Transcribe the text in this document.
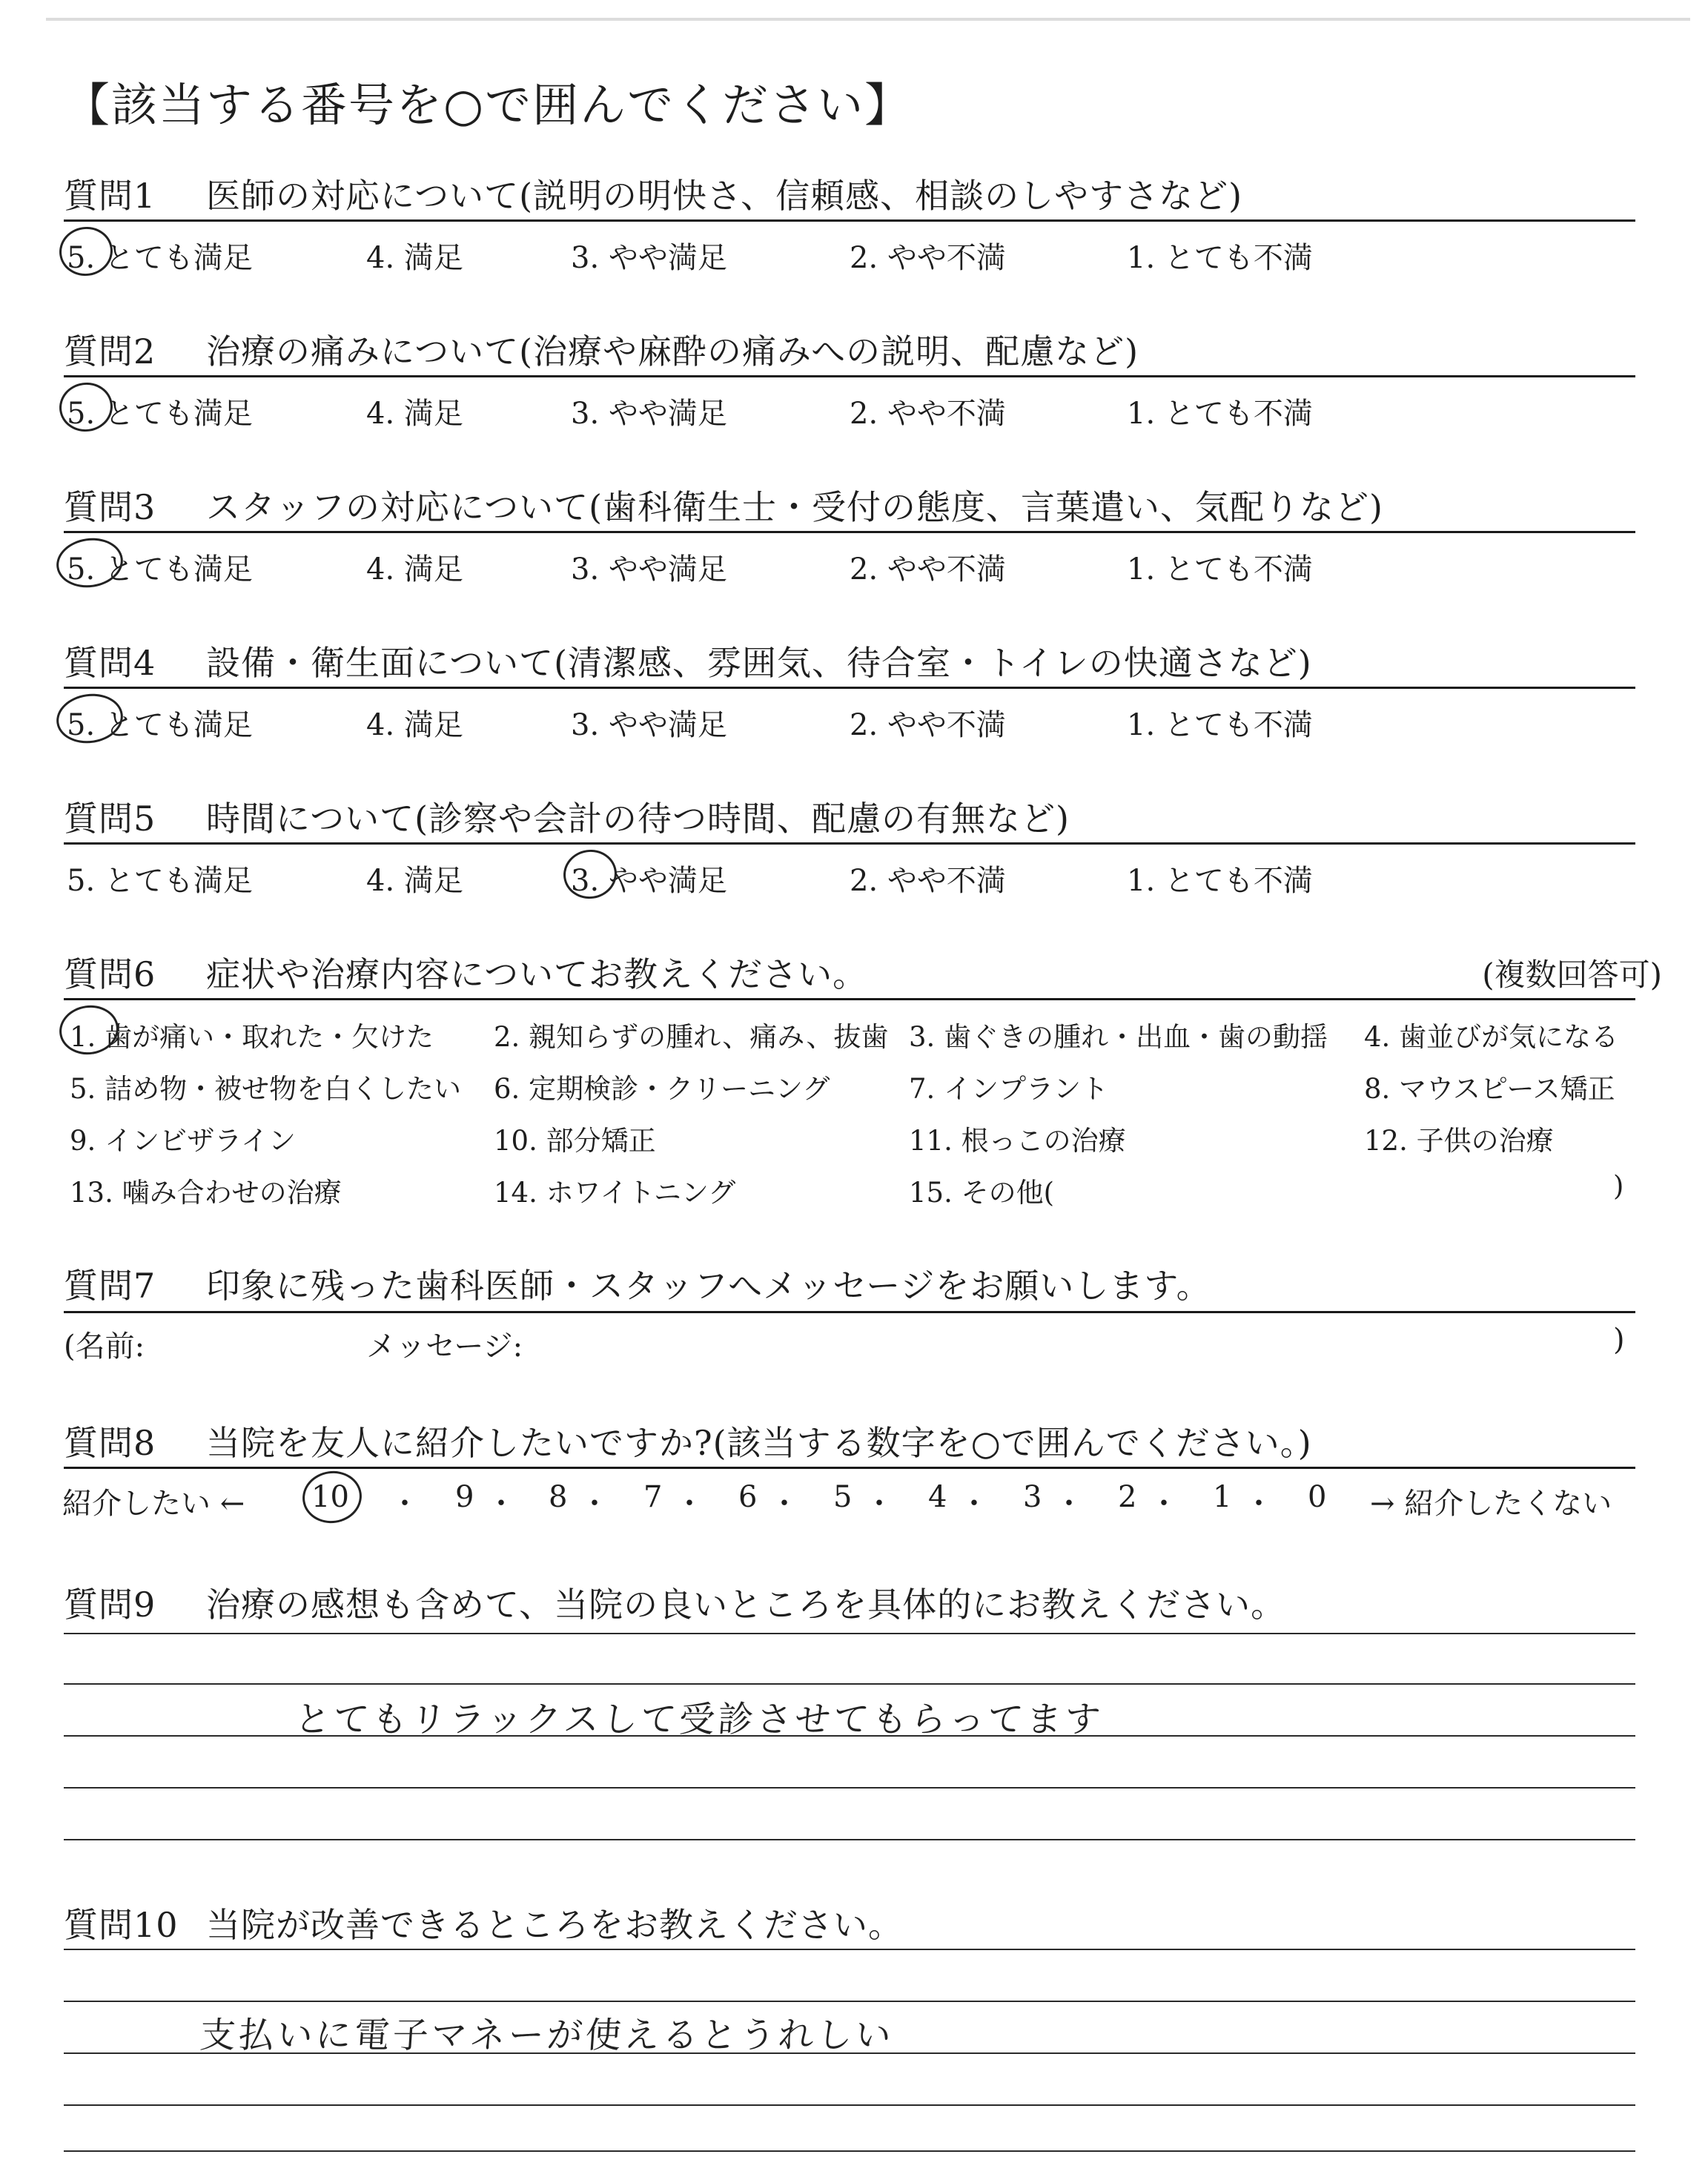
【該当する番号を○で囲んでください】
質問1 医師の対応について(説明の明快さ、信頼感、相談のしやすさなど)
5. とても満足	4. 満足	3. やや満足	2. やや不満	1. とても不満
質問2 治療の痛みについて(治療や麻酔の痛みへの説明、配慮など)
5. とても満足	4. 満足	3. やや満足	2. やや不満	1. とても不満
質問3 スタッフの対応について(歯科衛生士・受付の態度、言葉遣い、気配りなど)
5. とても満足	4. 満足	3. やや満足	2. やや不満	1. とても不満
質問4 設備・衛生面について(清潔感、雰囲気、待合室・トイレの快適さなど)
5. とても満足	4. 満足	3. やや満足	2. やや不満	1. とても不満
質問5 時間について(診察や会計の待つ時間、配慮の有無など)
5. とても満足	4. 満足	3. やや満足	2. やや不満	1. とても不満
質問6 症状や治療内容についてお教えください。	(複数回答可)
1. 歯が痛い・取れた・欠けた 2. 親知らずの腫れ、痛み、抜歯 3. 歯ぐきの腫れ・出血・歯の動揺 4. 歯並びが気になる
5. 詰め物・被せ物を白くしたい 6. 定期検診・クリーニング	7. インプラント	8. マウスピース矯正
9. インビザライン	10. 部分矯正	11. 根っこの治療	12. 子供の治療
13. 噛み合わせの治療	14. ホワイトニング	15. その他(	)
質問7 印象に残った歯科医師・スタッフへメッセージをお願いします。
(名前:	メッセージ:	)
質問8 当院を友人に紹介したいですか?(該当する数字を○で囲んでください。)
紹介したい ← 10 ・ 9 ・ 8 ・ 7 ・ 6 ・ 5 ・ 4 ・ 3 ・ 2 ・ 1 ・ 0 → 紹介したくない
質問9 治療の感想も含めて、当院の良いところを具体的にお教えください。
とてもリラックスして受診させてもらってます
質問10 当院が改善できるところをお教えください。
支払いに電子マネーが使えるとうれしい
